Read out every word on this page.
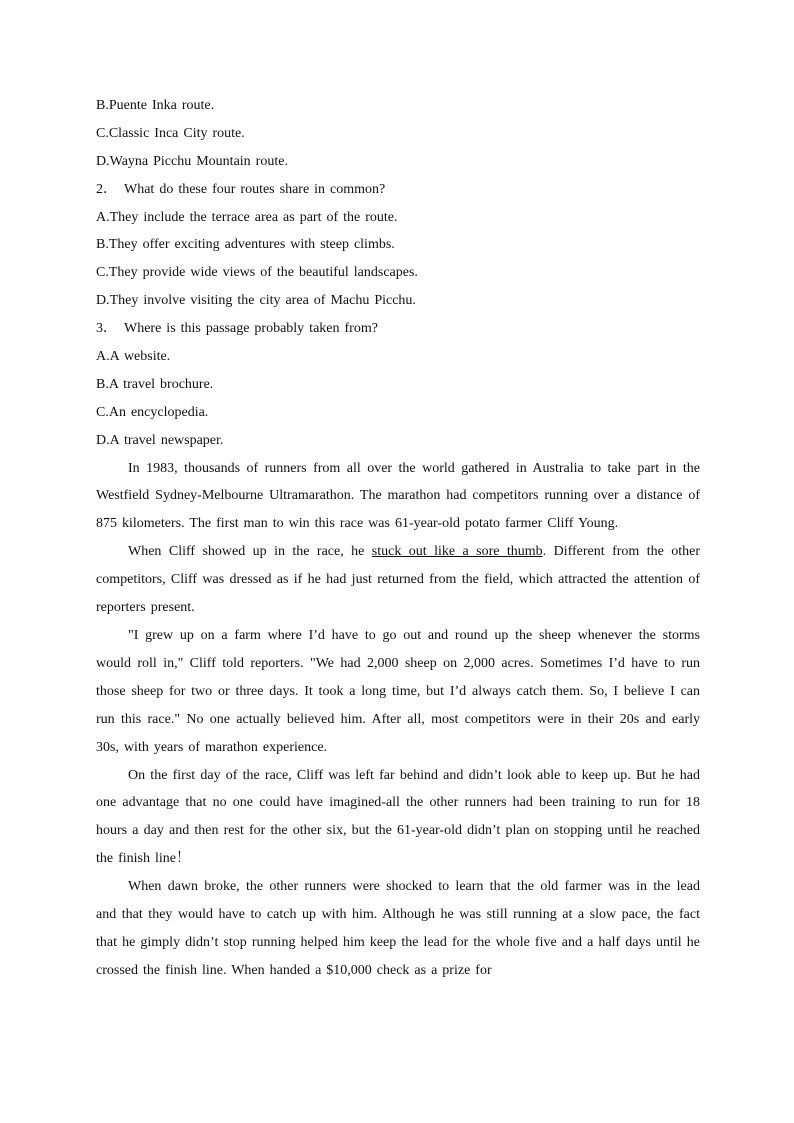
B.Puente Inka route.
C.Classic Inca City route.
D.Wayna Picchu Mountain route.
2． What do these four routes share in common?
A.They include the terrace area as part of the route.
B.They offer exciting adventures with steep climbs.
C.They provide wide views of the beautiful landscapes.
D.They involve visiting the city area of Machu Picchu.
3． Where is this passage probably taken from?
A.A website.
B.A travel brochure.
C.An encyclopedia.
D.A travel newspaper.
In 1983, thousands of runners from all over the world gathered in Australia to take part in the Westfield Sydney-Melbourne Ultramarathon. The marathon had competitors running over a distance of 875 kilometers. The first man to win this race was 61-year-old potato farmer Cliff Young.
When Cliff showed up in the race, he stuck out like a sore thumb. Different from the other competitors, Cliff was dressed as if he had just returned from the field, which attracted the attention of reporters present.
"I grew up on a farm where I’d have to go out and round up the sheep whenever the storms would roll in," Cliff told reporters. "We had 2,000 sheep on 2,000 acres. Sometimes I’d have to run those sheep for two or three days. It took a long time, but I’d always catch them. So, I believe I can run this race." No one actually believed him. After all, most competitors were in their 20s and early 30s, with years of marathon experience.
On the first day of the race, Cliff was left far behind and didn’t look able to keep up. But he had one advantage that no one could have imagined-all the other runners had been training to run for 18 hours a day and then rest for the other six, but the 61-year-old didn’t plan on stopping until he reached the finish line！
When dawn broke, the other runners were shocked to learn that the old farmer was in the lead and that they would have to catch up with him. Although he was still running at a slow pace, the fact that he gimply didn’t stop running helped him keep the lead for the whole five and a half days until he crossed the finish line. When handed a $10,000 check as a prize for
